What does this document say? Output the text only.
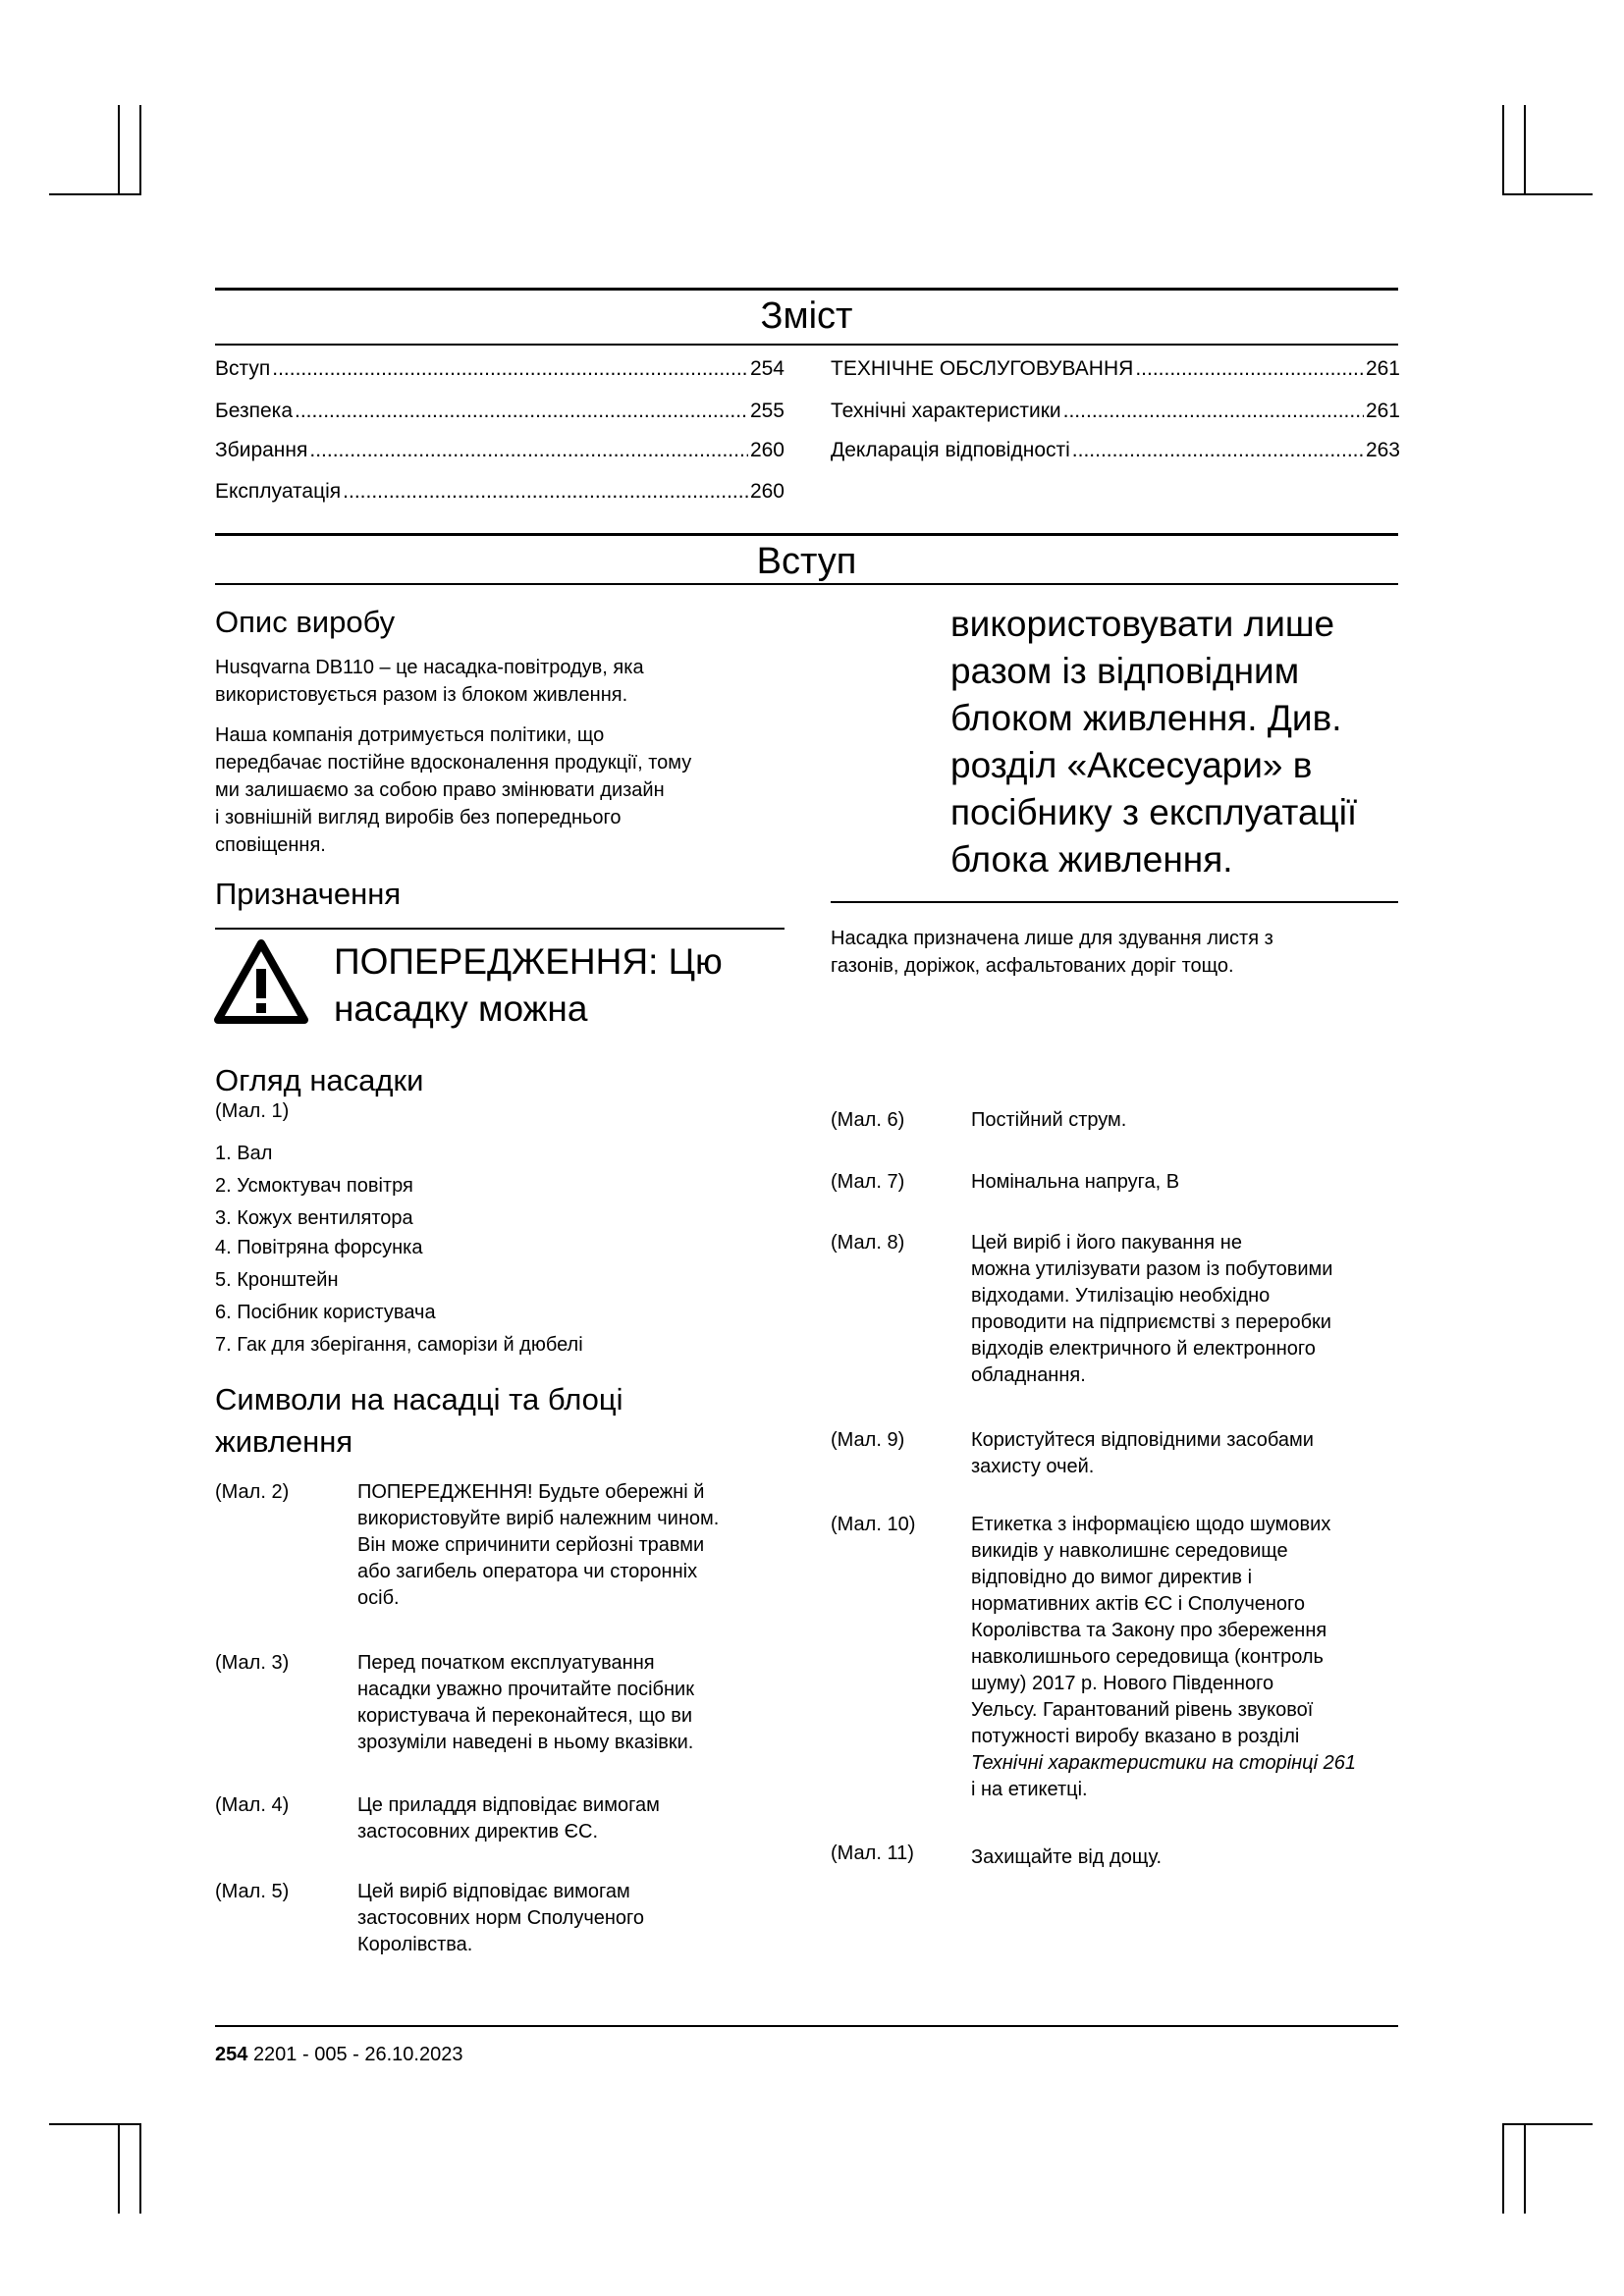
Зміст
Вступ .....	254
Безпека .....	255
Збирання .....	260
Експлуатація .....	260
ТЕХНІЧНЕ ОБСЛУГОВУВАННЯ .....	261
Технічні характеристики .....	261
Декларація відповідності .....	263
Вступ
Опис виробу
Husqvarna DB110 – це насадка-повітродув, яка
використовується разом із блоком живлення.
Наша компанія дотримується політики, що
передбачає постійне вдосконалення продукції, тому
ми залишаємо за собою право змінювати дизайн
і зовнішній вигляд виробів без попереднього
сповіщення.
Призначення
ПОПЕРЕДЖЕННЯ: Цю
насадку можна
використовувати лише
разом із відповідним
блоком живлення. Див.
розділ «Аксесуари» в
посібнику з експлуатації
блока живлення.
Насадка призначена лише для здування листя з
газонів, доріжок, асфальтованих доріг тощо.
Огляд насадки
(Мал. 1)
1. Вал
2. Усмоктувач повітря
3. Кожух вентилятора
4. Повітряна форсунка
5. Кронштейн
6. Посібник користувача
7. Гак для зберігання, саморізи й дюбелі
Символи на насадці та блоці
живлення
(Мал. 2)	ПОПЕРЕДЖЕННЯ! Будьте обережні й
використовуйте виріб належним чином.
Він може спричинити серйозні травми
або загибель оператора чи сторонніх
осіб.
(Мал. 3)	Перед початком експлуатування
насадки уважно прочитайте посібник
користувача й переконайтеся, що ви
зрозуміли наведені в ньому вказівки.
(Мал. 4)	Це приладдя відповідає вимогам
застосовних директив ЄС.
(Мал. 5)	Цей виріб відповідає вимогам
застосовних норм Сполученого
Королівства.
(Мал. 6)	Постійний струм.
(Мал. 7)	Номінальна напруга, В
(Мал. 8)	Цей виріб і його пакування не
можна утилізувати разом із побутовими
відходами. Утилізацію необхідно
проводити на підприємстві з переробки
відходів електричного й електронного
обладнання.
(Мал. 9)	Користуйтеся відповідними засобами
захисту очей.
(Мал. 10)	Етикетка з інформацією щодо шумових
викидів у навколишнє середовище
відповідно до вимог директив і
нормативних актів ЄС і Сполученого
Королівства та Закону про збереження
навколишнього середовища (контроль
шуму) 2017 р. Нового Південного
Уельсу. Гарантований рівень звукової
потужності виробу вказано в розділі
Технічні характеристики на сторінці 261
і на етикетці.
(Мал. 11)	Захищайте від дощу.
254 2201 - 005 - 26.10.2023
